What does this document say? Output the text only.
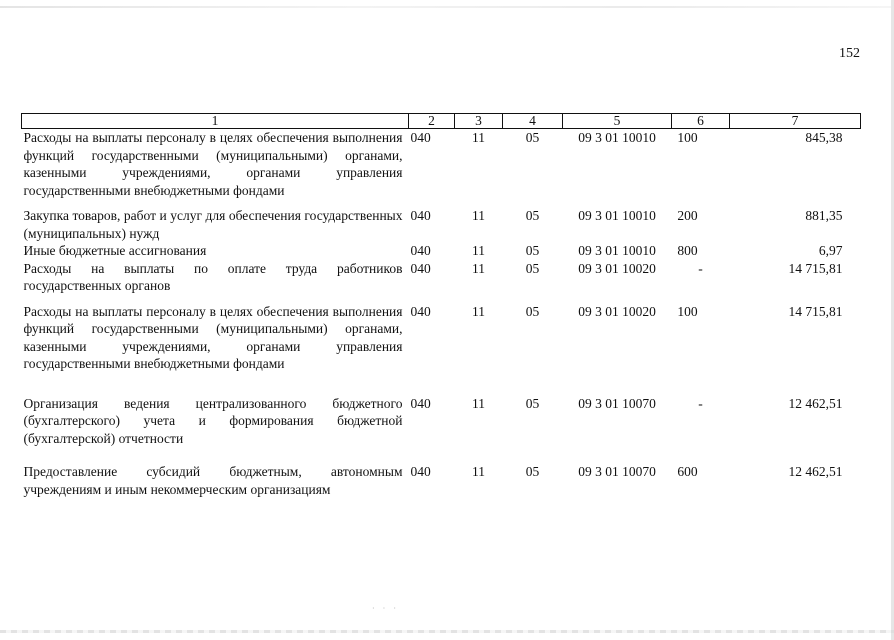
152
1	2	3	4	5	6	7
Расходы на выплаты персоналу в целях обеспечения выполнения функций государственными (муниципальными) органами, казенными учреждениями, органами управления государственными внебюджетными фондами	040	11	05	09 3 01 10010	100	845,38
Закупка товаров, работ и услуг для обеспечения государственных (муниципальных) нужд	040	11	05	09 3 01 10010	200	881,35
Иные бюджетные ассигнования	040	11	05	09 3 01 10010	800	6,97
Расходы на выплаты по оплате труда работников государственных органов	040	11	05	09 3 01 10020	-	14 715,81
Расходы на выплаты персоналу в целях обеспечения выполнения функций государственными (муниципальными) органами, казенными учреждениями, органами управления государственными внебюджетными фондами	040	11	05	09 3 01 10020	100	14 715,81
Организация ведения централизованного бюджетного (бухгалтерского) учета и формирования бюджетной (бухгалтерской) отчетности	040	11	05	09 3 01 10070	-	12 462,51
Предоставление субсидий бюджетным, автономным учреждениям и иным некоммерческим организациям	040	11	05	09 3 01 10070	600	12 462,51
· · ·
